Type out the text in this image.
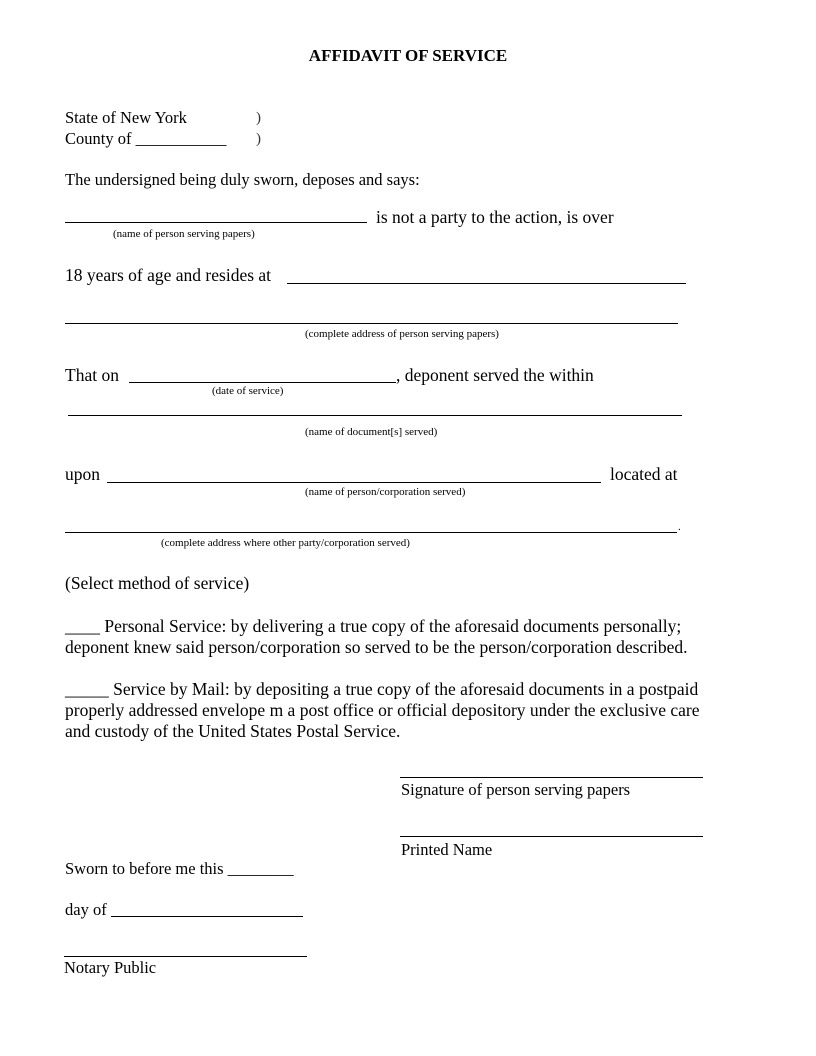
AFFIDAVIT OF SERVICE
State of New York	)
County of ___________ )
The undersigned being duly sworn, deposes and says:
is not a party to the action, is over
(name of person serving papers)
18 years of age and resides at
(complete address of person serving papers)
That on	, deponent served the within
(date of service)
(name of document[s] served)
upon	located at
(name of person/corporation served)
.
(complete address where other party/corporation served)
(Select method of service)
____ Personal Service: by delivering a true copy of the aforesaid documents personally;
deponent knew said person/corporation so served to be the person/corporation described.
_____ Service by Mail: by depositing a true copy of the aforesaid documents in a postpaid
properly addressed envelope m a post office or official depository under the exclusive care
and custody of the United States Postal Service.
Signature of person serving papers
Printed Name
Sworn to before me this ________
day of
Notary Public
